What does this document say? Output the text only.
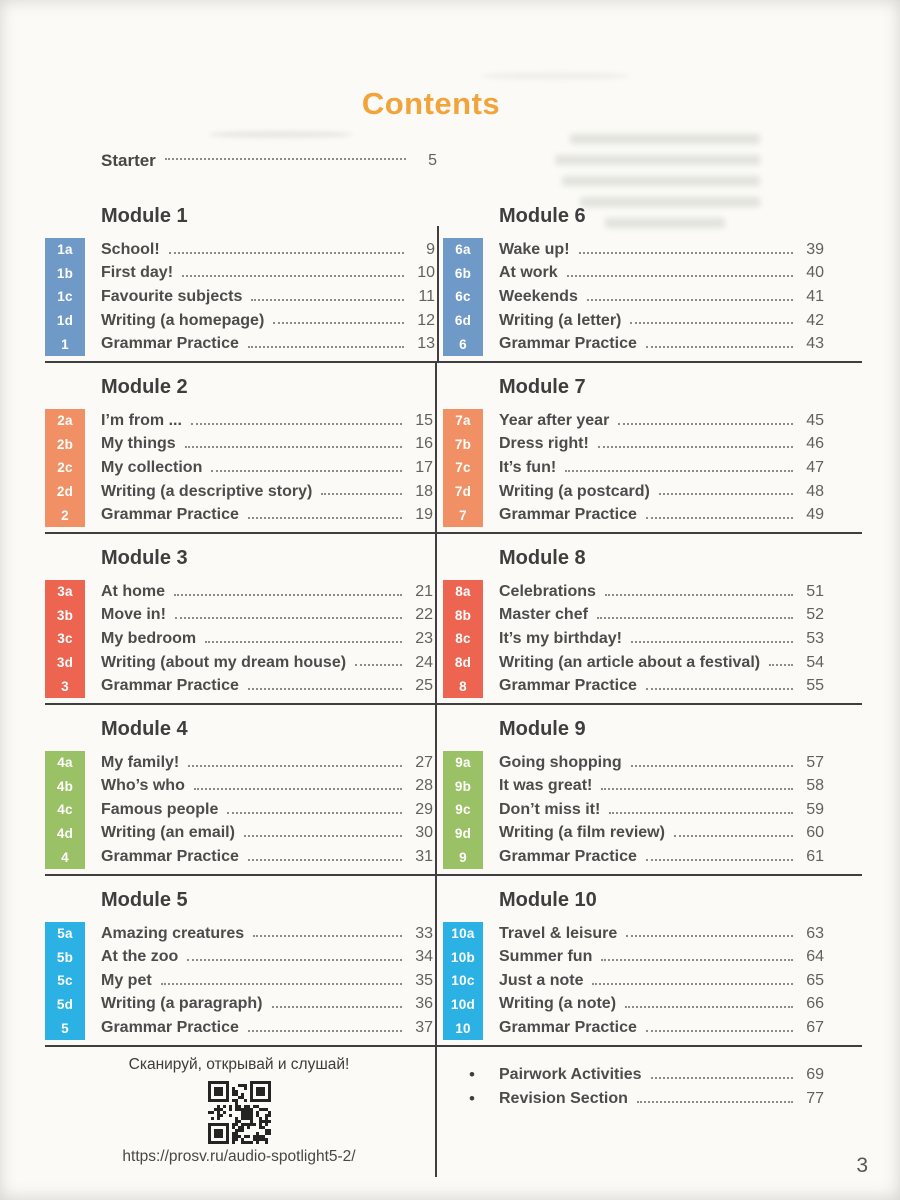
Contents
Starter	5
Module 1
1a	School!	9
1b	First day!	10
1c	Favourite subjects	11
1d	Writing (a homepage)	12
1	Grammar Practice	13
Module 6
6a	Wake up!	39
6b	At work	40
6c	Weekends	41
6d	Writing (a letter)	42
6	Grammar Practice	43
Module 2
2a	I’m from ...	15
2b	My things	16
2c	My collection	17
2d	Writing (a descriptive story)	18
2	Grammar Practice	19
Module 7
7a	Year after year	45
7b	Dress right!	46
7c	It’s fun!	47
7d	Writing (a postcard)	48
7	Grammar Practice	49
Module 3
3a	At home	21
3b	Move in!	22
3c	My bedroom	23
3d	Writing (about my dream house)	24
3	Grammar Practice	25
Module 8
8a	Celebrations	51
8b	Master chef	52
8c	It’s my birthday!	53
8d	Writing (an article about a festival)	54
8	Grammar Practice	55
Module 4
4a	My family!	27
4b	Who’s who	28
4c	Famous people	29
4d	Writing (an email)	30
4	Grammar Practice	31
Module 9
9a	Going shopping	57
9b	It was great!	58
9c	Don’t miss it!	59
9d	Writing (a film review)	60
9	Grammar Practice	61
Module 5
5a	Amazing creatures	33
5b	At the zoo	34
5c	My pet	35
5d	Writing (a paragraph)	36
5	Grammar Practice	37
Module 10
10a	Travel & leisure	63
10b	Summer fun	64
10c	Just a note	65
10d	Writing (a note)	66
10	Grammar Practice	67
Сканируй, открывай и слушай!
https://prosv.ru/audio-spotlight5-2/
•	Pairwork Activities	69
•	Revision Section	77
3
